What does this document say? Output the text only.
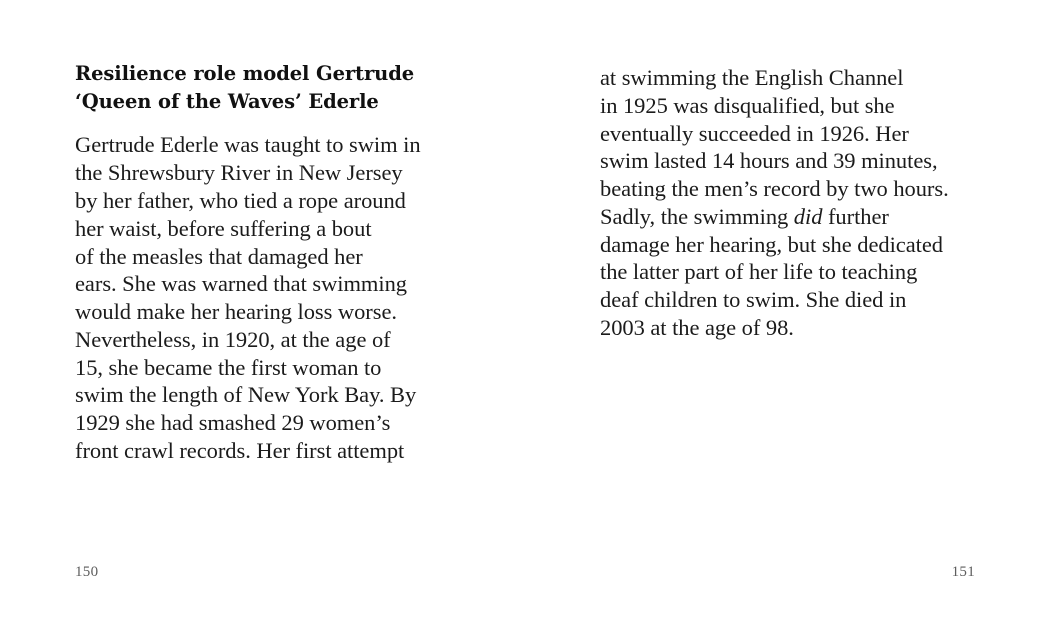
Resilience role model Gertrude
‘Queen of the Waves’ Ederle

Gertrude Ederle was taught to swim in
the Shrewsbury River in New Jersey
by her father, who tied a rope around
her waist, before suffering a bout
of the measles that damaged her
ears. She was warned that swimming
would make her hearing loss worse.
Nevertheless, in 1920, at the age of
15, she became the first woman to
swim the length of New York Bay. By
1929 she had smashed 29 women’s
front crawl records. Her first attempt

150

at swimming the English Channel
in 1925 was disqualified, but she
eventually succeeded in 1926. Her
swim lasted 14 hours and 39 minutes,
beating the men’s record by two hours.
Sadly, the swimming did further
damage her hearing, but she dedicated
the latter part of her life to teaching
deaf children to swim. She died in
2003 at the age of 98.

151
